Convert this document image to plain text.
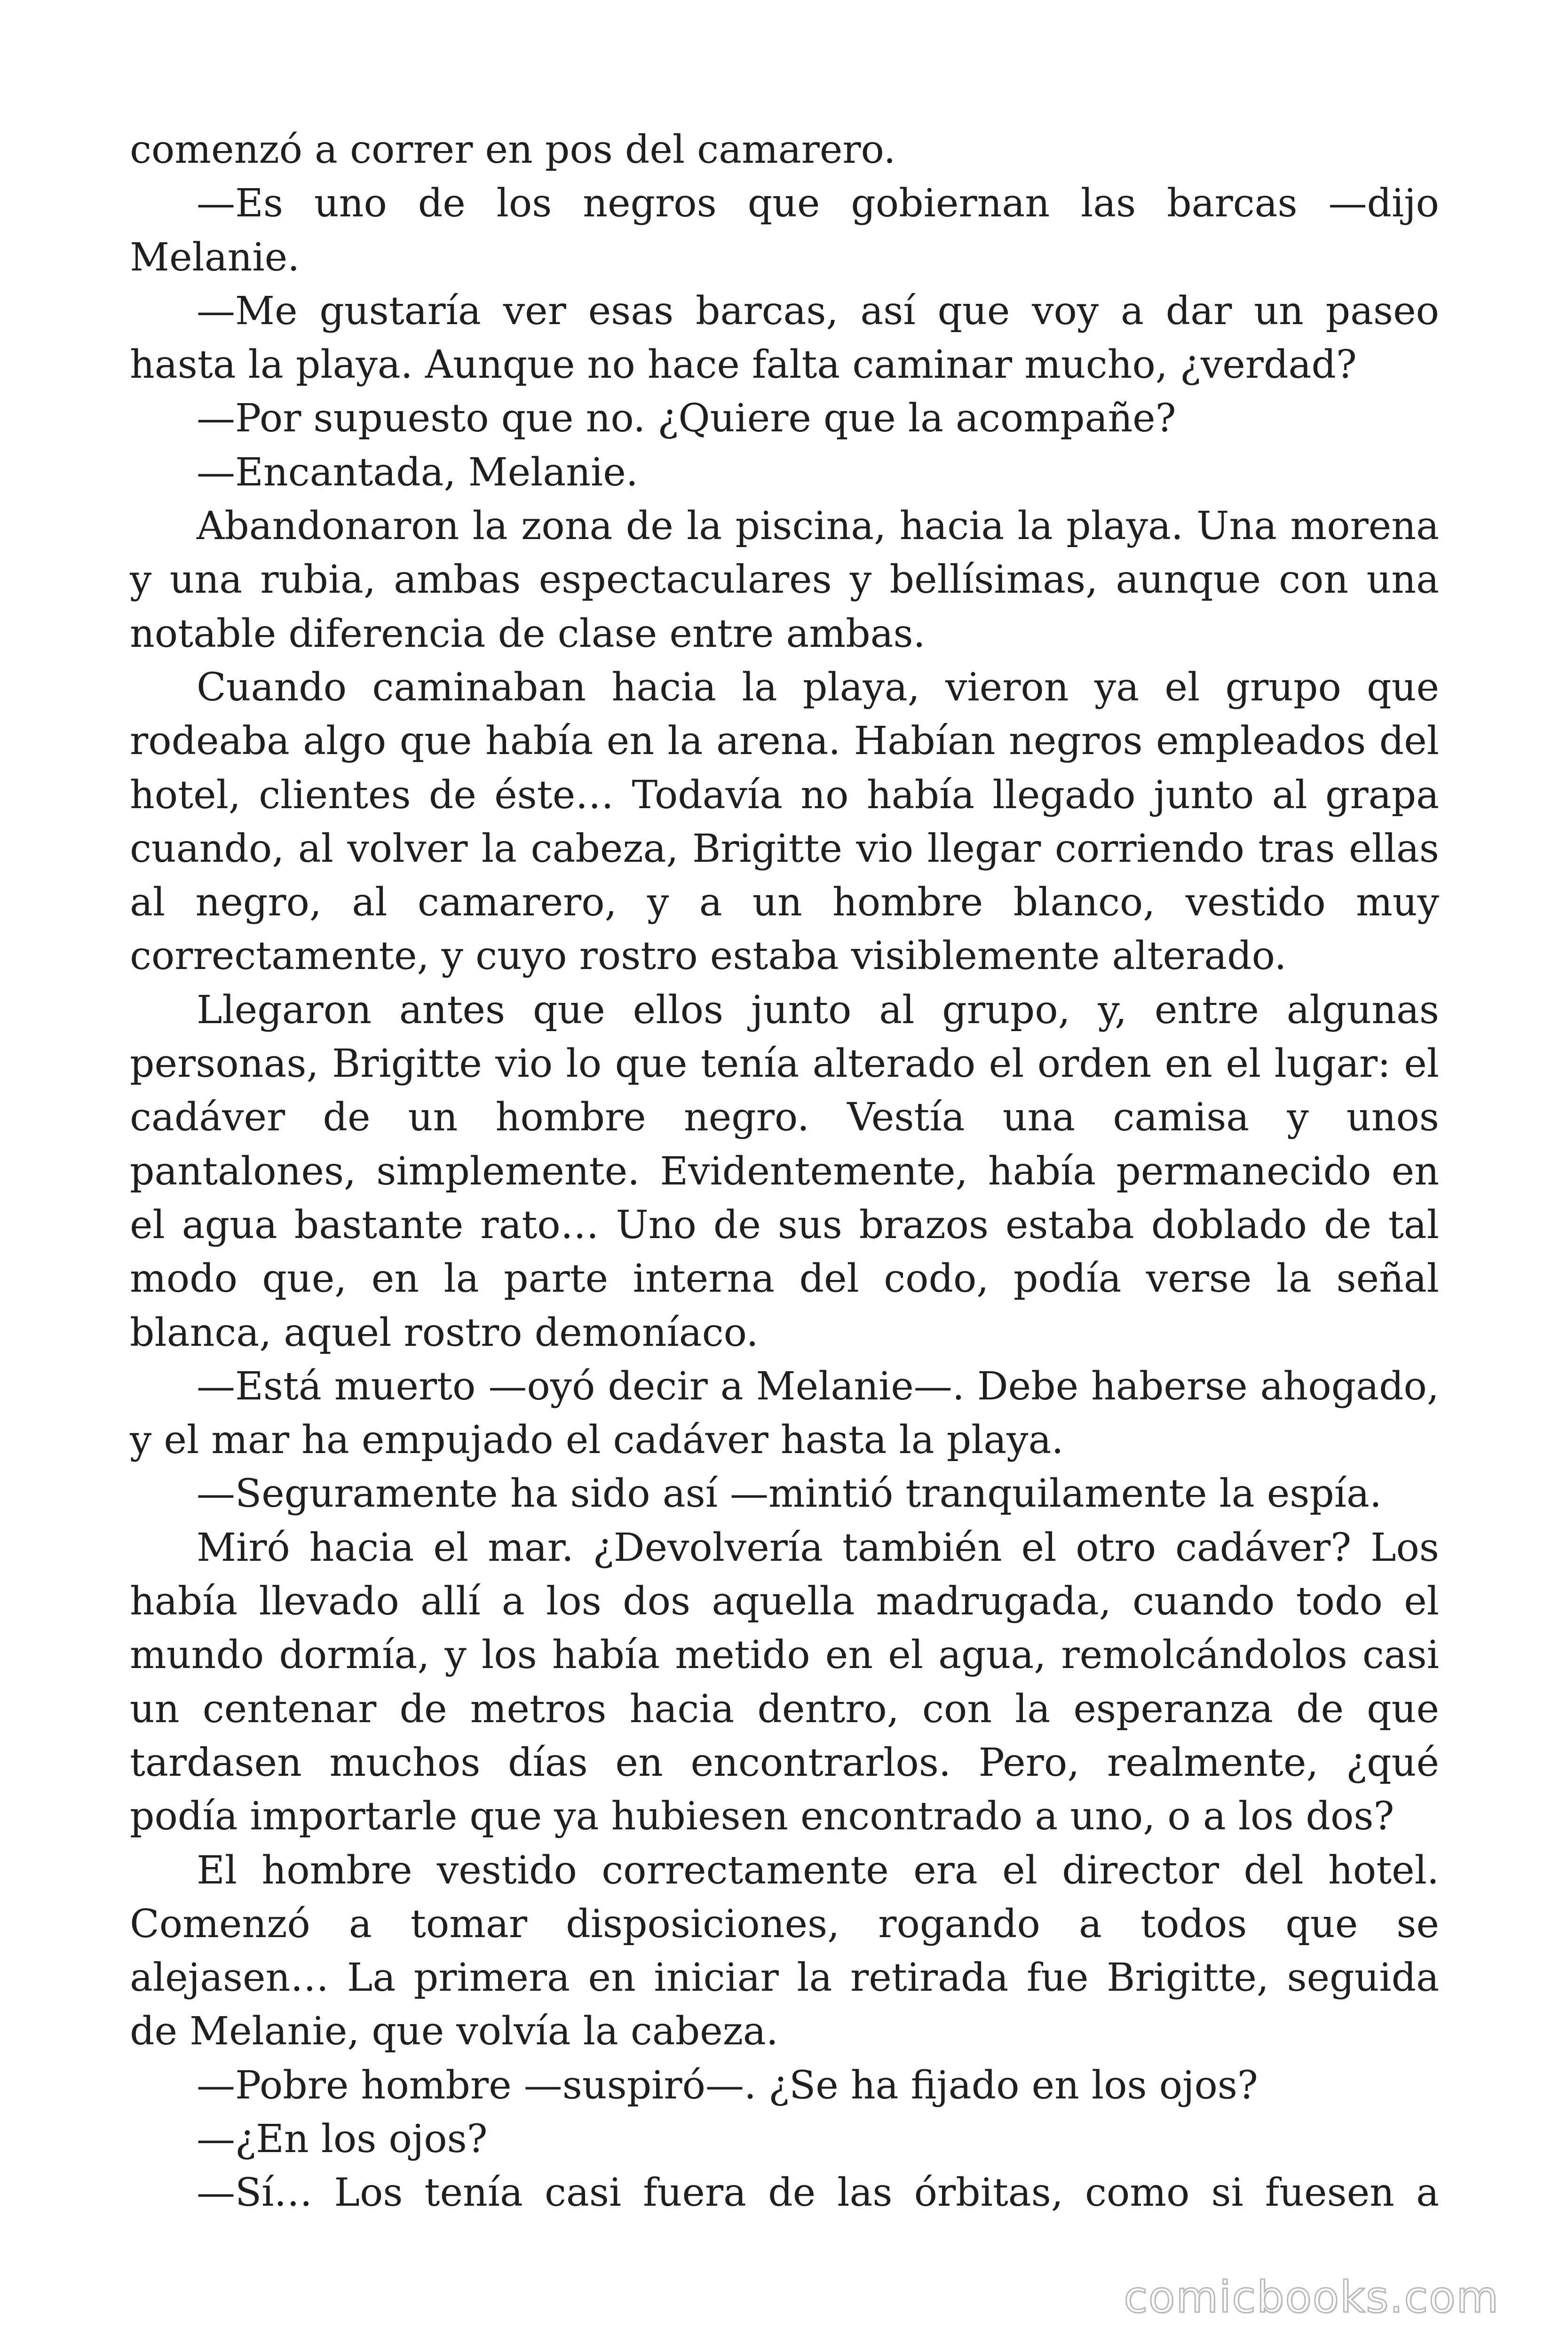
comenzó a correr en pos del camarero.

—Es uno de los negros que gobiernan las barcas —dijo Melanie.

—Me gustaría ver esas barcas, así que voy a dar un paseo hasta la playa. Aunque no hace falta caminar mucho, ¿verdad?

—Por supuesto que no. ¿Quiere que la acompañe?

—Encantada, Melanie.

Abandonaron la zona de la piscina, hacia la playa. Una morena y una rubia, ambas espectaculares y bellísimas, aunque con una notable diferencia de clase entre ambas.

Cuando caminaban hacia la playa, vieron ya el grupo que rodeaba algo que había en la arena. Habían negros empleados del hotel, clientes de éste… Todavía no había llegado junto al grapa cuando, al volver la cabeza, Brigitte vio llegar corriendo tras ellas al negro, al camarero, y a un hombre blanco, vestido muy correctamente, y cuyo rostro estaba visiblemente alterado.

Llegaron antes que ellos junto al grupo, y, entre algunas personas, Brigitte vio lo que tenía alterado el orden en el lugar: el cadáver de un hombre negro. Vestía una camisa y unos pantalones, simplemente. Evidentemente, había permanecido en el agua bastante rato… Uno de sus brazos estaba doblado de tal modo que, en la parte interna del codo, podía verse la señal blanca, aquel rostro demoníaco.

—Está muerto —oyó decir a Melanie—. Debe haberse ahogado, y el mar ha empujado el cadáver hasta la playa.

—Seguramente ha sido así —mintió tranquilamente la espía.

Miró hacia el mar. ¿Devolvería también el otro cadáver? Los había llevado allí a los dos aquella madrugada, cuando todo el mundo dormía, y los había metido en el agua, remolcándolos casi un centenar de metros hacia dentro, con la esperanza de que tardasen muchos días en encontrarlos. Pero, realmente, ¿qué podía importarle que ya hubiesen encontrado a uno, o a los dos?

El hombre vestido correctamente era el director del hotel. Comenzó a tomar disposiciones, rogando a todos que se alejasen… La primera en iniciar la retirada fue Brigitte, seguida de Melanie, que volvía la cabeza.

—Pobre hombre —suspiró—. ¿Se ha fijado en los ojos?

—¿En los ojos?

—Sí… Los tenía casi fuera de las órbitas, como si fuesen a

comicbooks.com
